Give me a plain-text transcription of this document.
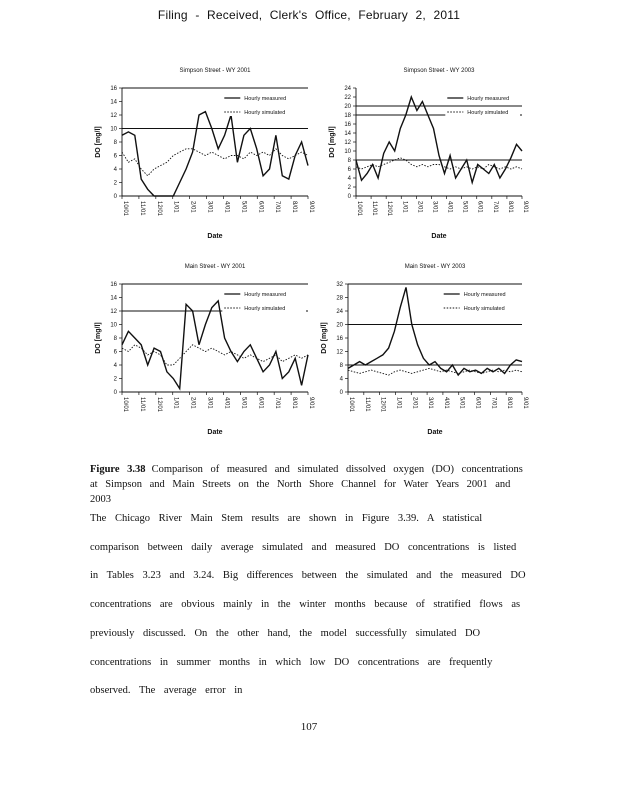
Filing - Received, Clerk's Office, February 2, 2011
Simpson Street - WY 2001
0
2
4
6
8
10
12
14
16
DO [mg/l]
10/01 11/01 12/01 1/01 2/01 3/01 4/01 5/01 6/01 7/01 8/01 9/01
Date
Hourly measured
Hourly simulated
Simpson Street - WY 2003
0
2
4
6
8
10
12
14
16
18
20
22
24
DO [mg/l]
10/01 11/01 12/01 1/01 2/01 3/01 4/01 5/01 6/01 7/01 8/01 9/01
Date
Hourly measured
Hourly simulated
Main Street - WY 2001
0
2
4
6
8
10
12
14
16
DO [mg/l]
10/01 11/01 12/01 1/01 2/01 3/01 4/01 5/01 6/01 7/01 8/01 9/01
Date
Hourly measured
Hourly simulated
Main Street - WY 2003
0
4
8
12
16
20
24
28
32
DO [mg/l]
10/01 11/01 12/01 1/01 2/01 3/01 4/01 5/01 6/01 7/01 8/01 9/01
Date
Hourly measured
Hourly simulated
Figure 3.38 Comparison of measured and simulated dissolved oxygen (DO) concentrations at Simpson and Main Streets on the North Shore Channel for Water Years 2001 and 2003
The Chicago River Main Stem results are shown in Figure 3.39. A statistical comparison between daily average simulated and measured DO concentrations is listed in Tables 3.23 and 3.24. Big differences between the simulated and the measured DO concentrations are obvious mainly in the winter months because of stratified flows as previously discussed. On the other hand, the model successfully simulated DO concentrations in summer months in which low DO concentrations are frequently observed. The average error in
107
